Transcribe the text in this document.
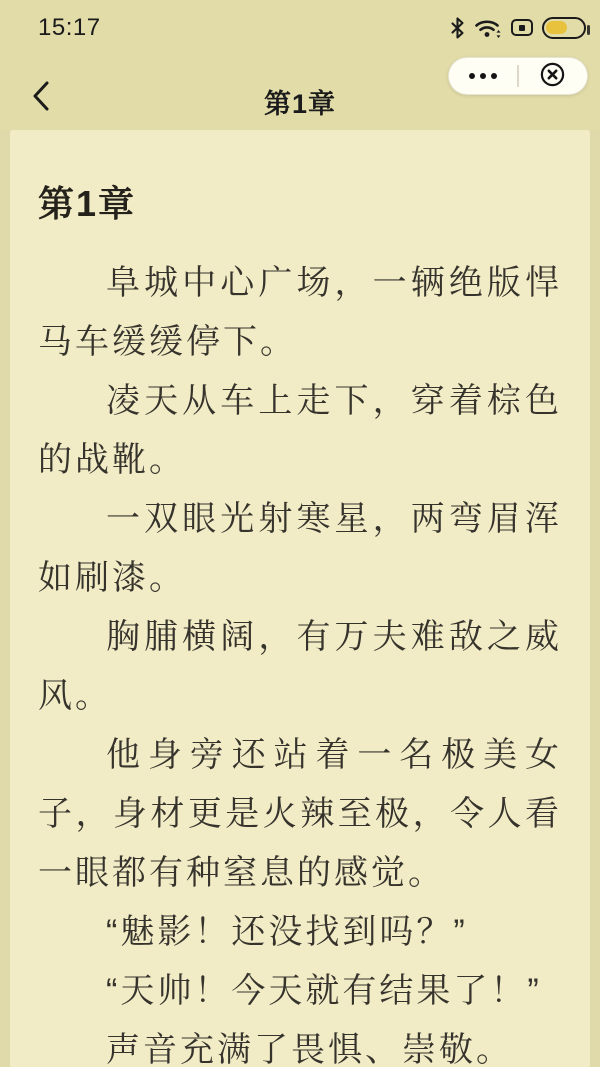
15:17
第1章
第1章

阜城中心广场，一辆绝版悍马车缓缓停下。

凌天从车上走下，穿着棕色的战靴。

一双眼光射寒星，两弯眉浑如刷漆。

胸脯横阔，有万夫难敌之威风。

他身旁还站着一名极美女子，身材更是火辣至极，令人看一眼都有种窒息的感觉。

“魅影！还没找到吗？”

“天帅！今天就有结果了！”

声音充满了畏惧、崇敬。
